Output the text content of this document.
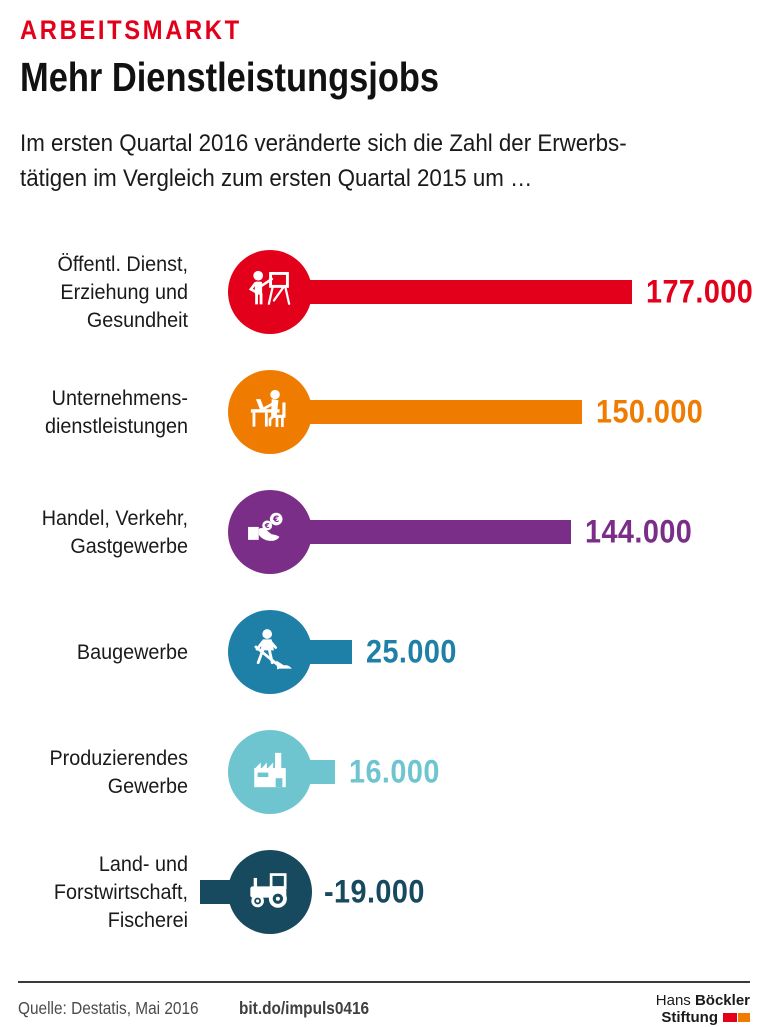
ARBEITSMARKT
Mehr Dienstleistungsjobs
Im ersten Quartal 2016 veränderte sich die Zahl der Erwerbs-
tätigen im Vergleich zum ersten Quartal 2015 um …
Öffentl. Dienst,
Erziehung und
Gesundheit
177.000
Unternehmens-
dienstleistungen	150.000
Handel, Verkehr,
Gastgewerbe
€
€	144.000
Baugewerbe	25.000
Produzierendes
Gewerbe	16.000
Land- und
Forstwirtschaft,
Fischerei
-19.000
Quelle: Destatis, Mai 2016 bit.do/impuls0416	Hans Böckler
Stiftung
